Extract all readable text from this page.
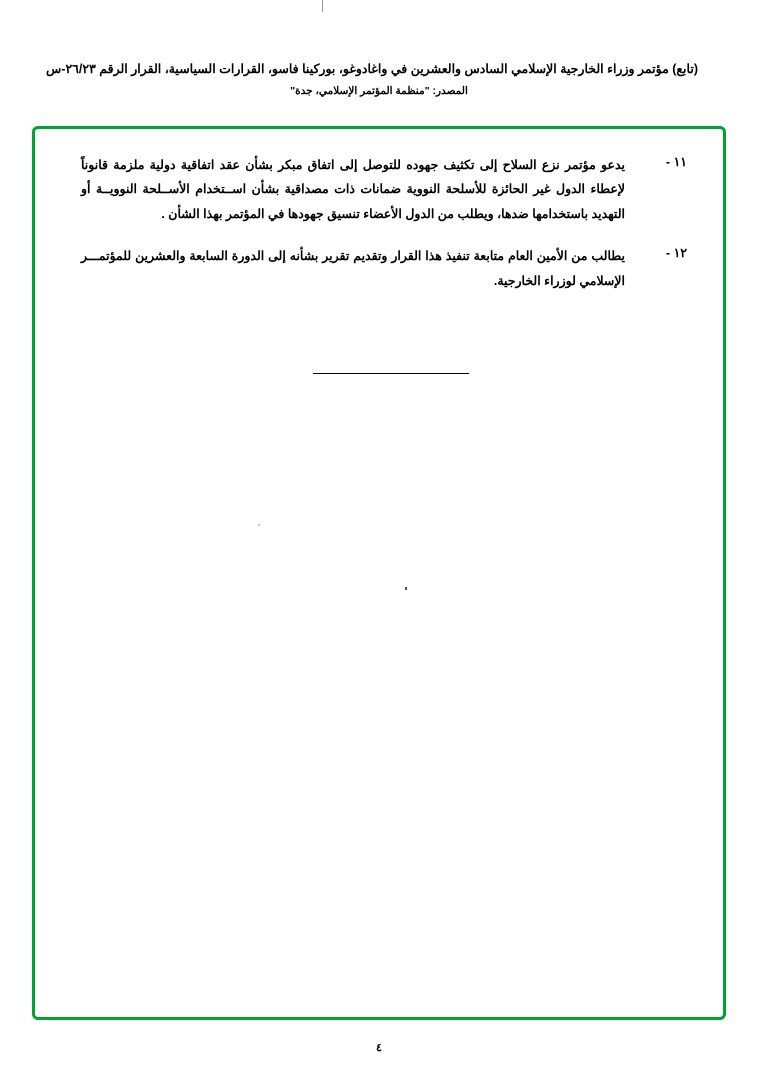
(تابع) مؤتمر وزراء الخارجية الإسلامي السادس والعشرين في واغادوغو، بوركينا فاسو، القرارات السياسية، القرار الرقم ٢٦/٢٣-س
المصدر: "منظمة المؤتمر الإسلامي، جدة"
١١ -
يدعو مؤتمر نزع السلاح إلى تكثيف جهوده للتوصل إلى اتفاق مبكر بشأن عقد اتفاقية دولية ملزمة قانوناً لإعطاء الدول غير الحائزة للأسلحة النووية ضمانات ذات مصداقية بشأن اســتخدام الأســلحة النوويــة أو التهديد باستخدامها ضدها، ويطلب من الدول الأعضاء تنسيق جهودها في المؤتمر بهذا الشأن .
١٢ -
يطالب من الأمين العام متابعة تنفيذ هذا القرار وتقديم تقرير بشأنه إلى الدورة السابعة والعشرين للمؤتمـــر الإسلامي لوزراء الخارجية.
٤
